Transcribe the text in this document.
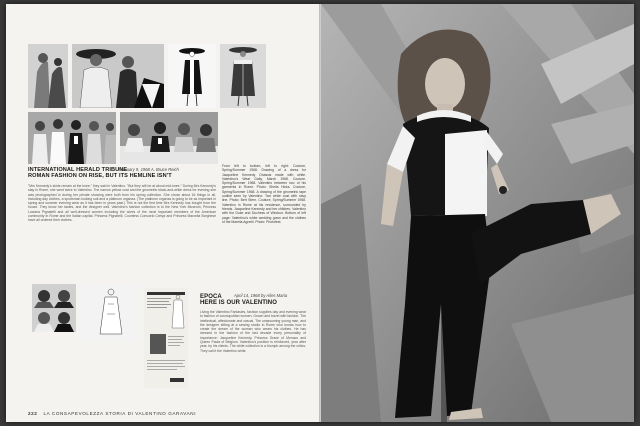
INTERNATIONAL HERALD TRIBUNE
ROMAN FASHION ON RISE, BUT ITS HEMLINE ISN'T
February 9, 1968 A. Bruce Reich
"Mrs Kennedy's skirts remain at the knee," they said in Valentino. "But they will be at about mid-knee." During Mrs Kennedy's stay in Rome, she went twice to Valentino. The narrow yellow coat and the geometric black-and-white dress for evening she was photographed in during her private showing were both from his spring collection. She chose about 16 things in all, including day clothes, a sportsman looking suit and a platinum organza. (The platinum organza is going to be as important in spring and summer evening wear as it has been in years past.) This is not the first time Mrs Kennedy has bought from the house. They know her tastes, and the designer well. Valentino's fashion collection is to the New York Museum, Princess Luciana Pignatelli and all well-dressed women including the wives of the most important members of the American community in Rome and the Italian capital. Princess Pignatelli, Countess Consuelo Crespi and Princess Marcella Borghese have all ordered their clothes.
From left to bottom, left to right: Couture, Spring/Summer 1968. Drawing of a dress for Jacqueline Kennedy Onassis made with white. Valentino's Wear Daily, March 1968. Couture, Spring/Summer 1968. Valentino between two of his garments in Rome. Photo: Sheila Hicks. Couture, Spring/Summer 1968. A drawing of the geometric tape outline seen by Valentino. Two white coat with navy line. Photo: Bert Stern. Couture, Spring/Summer 1968. Valentino in Rome at his residence, surrounded by friends. Jacqueline Kennedy and her children, Valentino with the Duke and Duchess of Windsor. Bottom of left page: Valentino's white wedding gown and the clothes of the Marella Agnelli. Photo: Photofest.
EPOCA
HERE IS OUR VALENTINO
April 14, 1968 by Ailes Maria
Living the Valentino Fantasies, fashion supplies day and evening wear to fashion of cosmopolitan women. Grown and travel with fashion. The intellectual, affectionate and casual. The unassuming young man, and the designer sitting at a sewing studio in Rome who knows how to create the dream of the woman who wears his clothes. He has dressed in the fashion of the last decade every personality of importance: Jacqueline Kennedy, Princess Grace of Monaco and Queen Paola of Belgium. Valentino's position is reinforced, year after year, by his clients. The white collection is a triumph among the critics. They call it the Valentino white.
222 LA CONSAPEVOLEZZA STORIA DI VALENTINO GARAVANI
